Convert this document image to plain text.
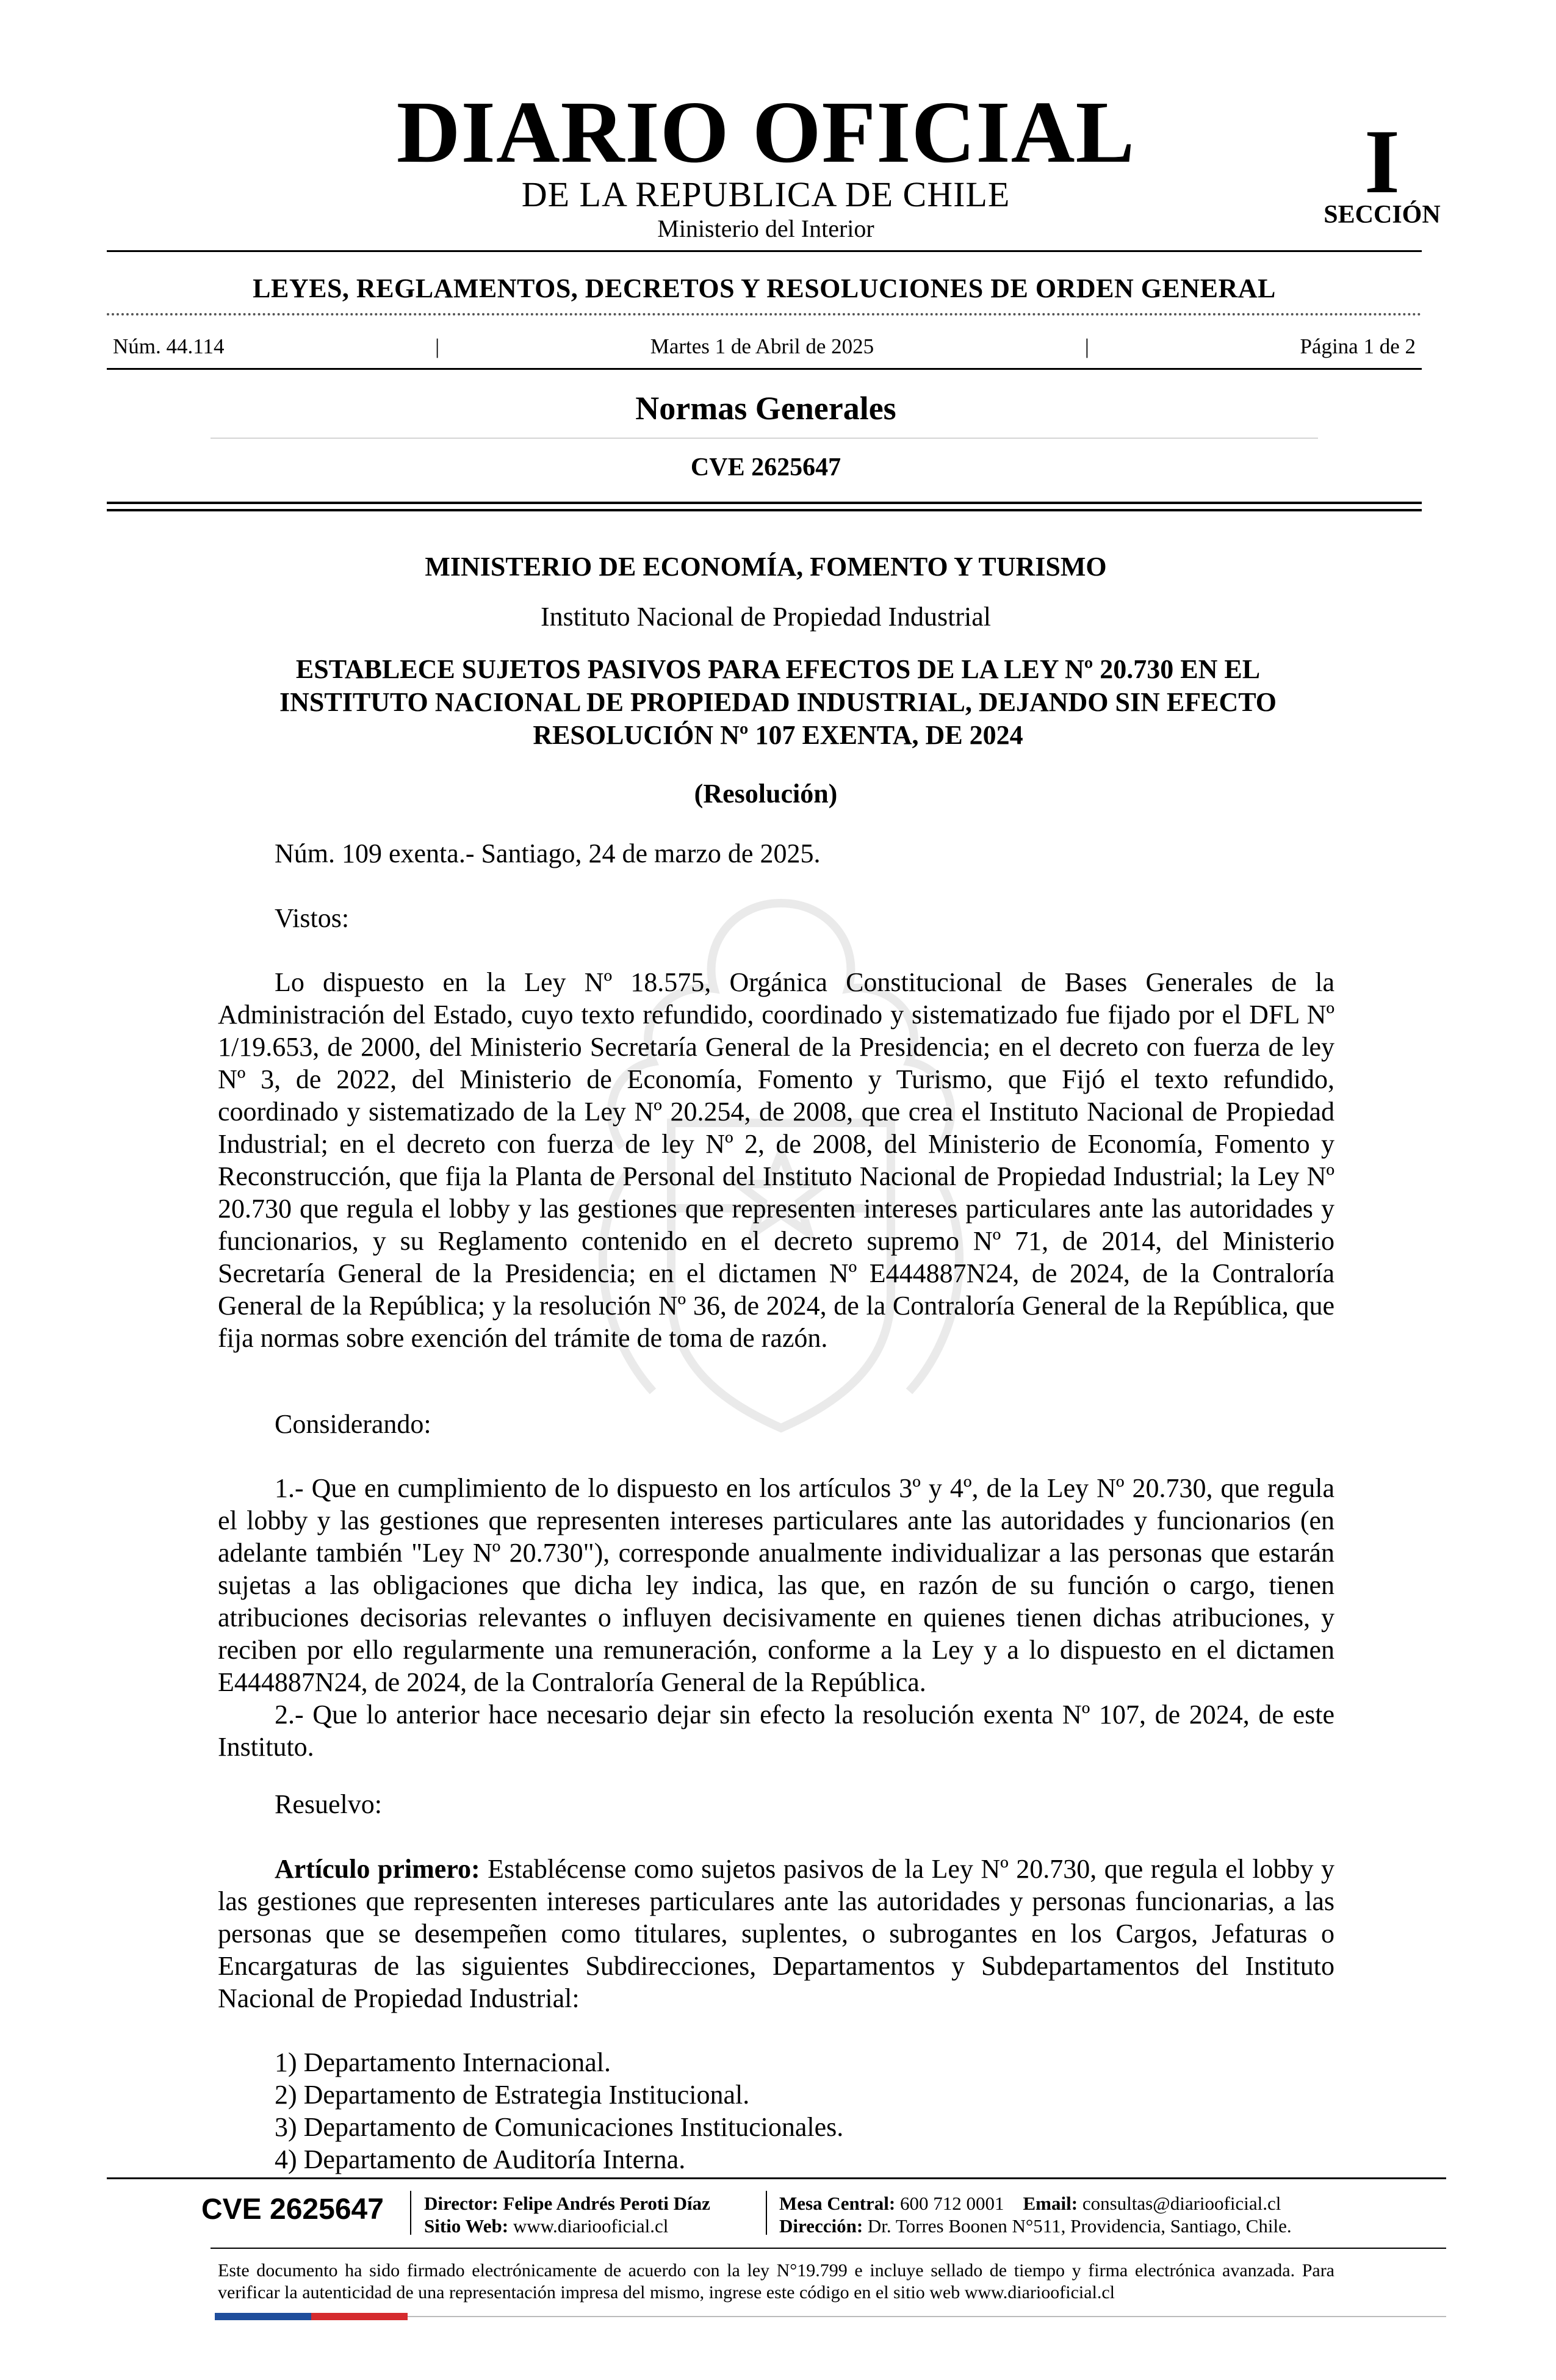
DIARIO OFICIAL
DE LA REPUBLICA DE CHILE
Ministerio del Interior
I
SECCIÓN
LEYES, REGLAMENTOS, DECRETOS Y RESOLUCIONES DE ORDEN GENERAL
Núm. 44.114	|	Martes 1 de Abril de 2025	|	Página 1 de 2
Normas Generales
CVE 2625647
MINISTERIO DE ECONOMÍA, FOMENTO Y TURISMO
Instituto Nacional de Propiedad Industrial
ESTABLECE SUJETOS PASIVOS PARA EFECTOS DE LA LEY Nº 20.730 EN EL INSTITUTO NACIONAL DE PROPIEDAD INDUSTRIAL, DEJANDO SIN EFECTO RESOLUCIÓN Nº 107 EXENTA, DE 2024
(Resolución)
Núm. 109 exenta.- Santiago, 24 de marzo de 2025.
Vistos:
Lo dispuesto en la Ley Nº 18.575, Orgánica Constitucional de Bases Generales de la Administración del Estado, cuyo texto refundido, coordinado y sistematizado fue fijado por el DFL Nº 1/19.653, de 2000, del Ministerio Secretaría General de la Presidencia; en el decreto con fuerza de ley Nº 3, de 2022, del Ministerio de Economía, Fomento y Turismo, que Fijó el texto refundido, coordinado y sistematizado de la Ley Nº 20.254, de 2008, que crea el Instituto Nacional de Propiedad Industrial; en el decreto con fuerza de ley Nº 2, de 2008, del Ministerio de Economía, Fomento y Reconstrucción, que fija la Planta de Personal del Instituto Nacional de Propiedad Industrial; la Ley Nº 20.730 que regula el lobby y las gestiones que representen intereses particulares ante las autoridades y funcionarios, y su Reglamento contenido en el decreto supremo Nº 71, de 2014, del Ministerio Secretaría General de la Presidencia; en el dictamen Nº E444887N24, de 2024, de la Contraloría General de la República; y la resolución Nº 36, de 2024, de la Contraloría General de la República, que fija normas sobre exención del trámite de toma de razón.
Considerando:
1.- Que en cumplimiento de lo dispuesto en los artículos 3º y 4º, de la Ley Nº 20.730, que regula el lobby y las gestiones que representen intereses particulares ante las autoridades y funcionarios (en adelante también "Ley Nº 20.730"), corresponde anualmente individualizar a las personas que estarán sujetas a las obligaciones que dicha ley indica, las que, en razón de su función o cargo, tienen atribuciones decisorias relevantes o influyen decisivamente en quienes tienen dichas atribuciones, y reciben por ello regularmente una remuneración, conforme a la Ley y a lo dispuesto en el dictamen E444887N24, de 2024, de la Contraloría General de la República.
2.- Que lo anterior hace necesario dejar sin efecto la resolución exenta Nº 107, de 2024, de este Instituto.
Resuelvo:
Artículo primero: Establécense como sujetos pasivos de la Ley Nº 20.730, que regula el lobby y las gestiones que representen intereses particulares ante las autoridades y personas funcionarias, a las personas que se desempeñen como titulares, suplentes, o subrogantes en los Cargos, Jefaturas o Encargaturas de las siguientes Subdirecciones, Departamentos y Subdepartamentos del Instituto Nacional de Propiedad Industrial:
1) Departamento Internacional.
2) Departamento de Estrategia Institucional.
3) Departamento de Comunicaciones Institucionales.
4) Departamento de Auditoría Interna.
CVE 2625647 Director: Felipe Andrés Peroti Díaz
Sitio Web: www.diariooficial.cl
Mesa Central: 600 712 0001 Email: consultas@diariooficial.cl
Dirección: Dr. Torres Boonen N°511, Providencia, Santiago, Chile.
Este documento ha sido firmado electrónicamente de acuerdo con la ley N°19.799 e incluye sellado de tiempo y firma electrónica avanzada. Para verificar la autenticidad de una representación impresa del mismo, ingrese este código en el sitio web www.diariooficial.cl
